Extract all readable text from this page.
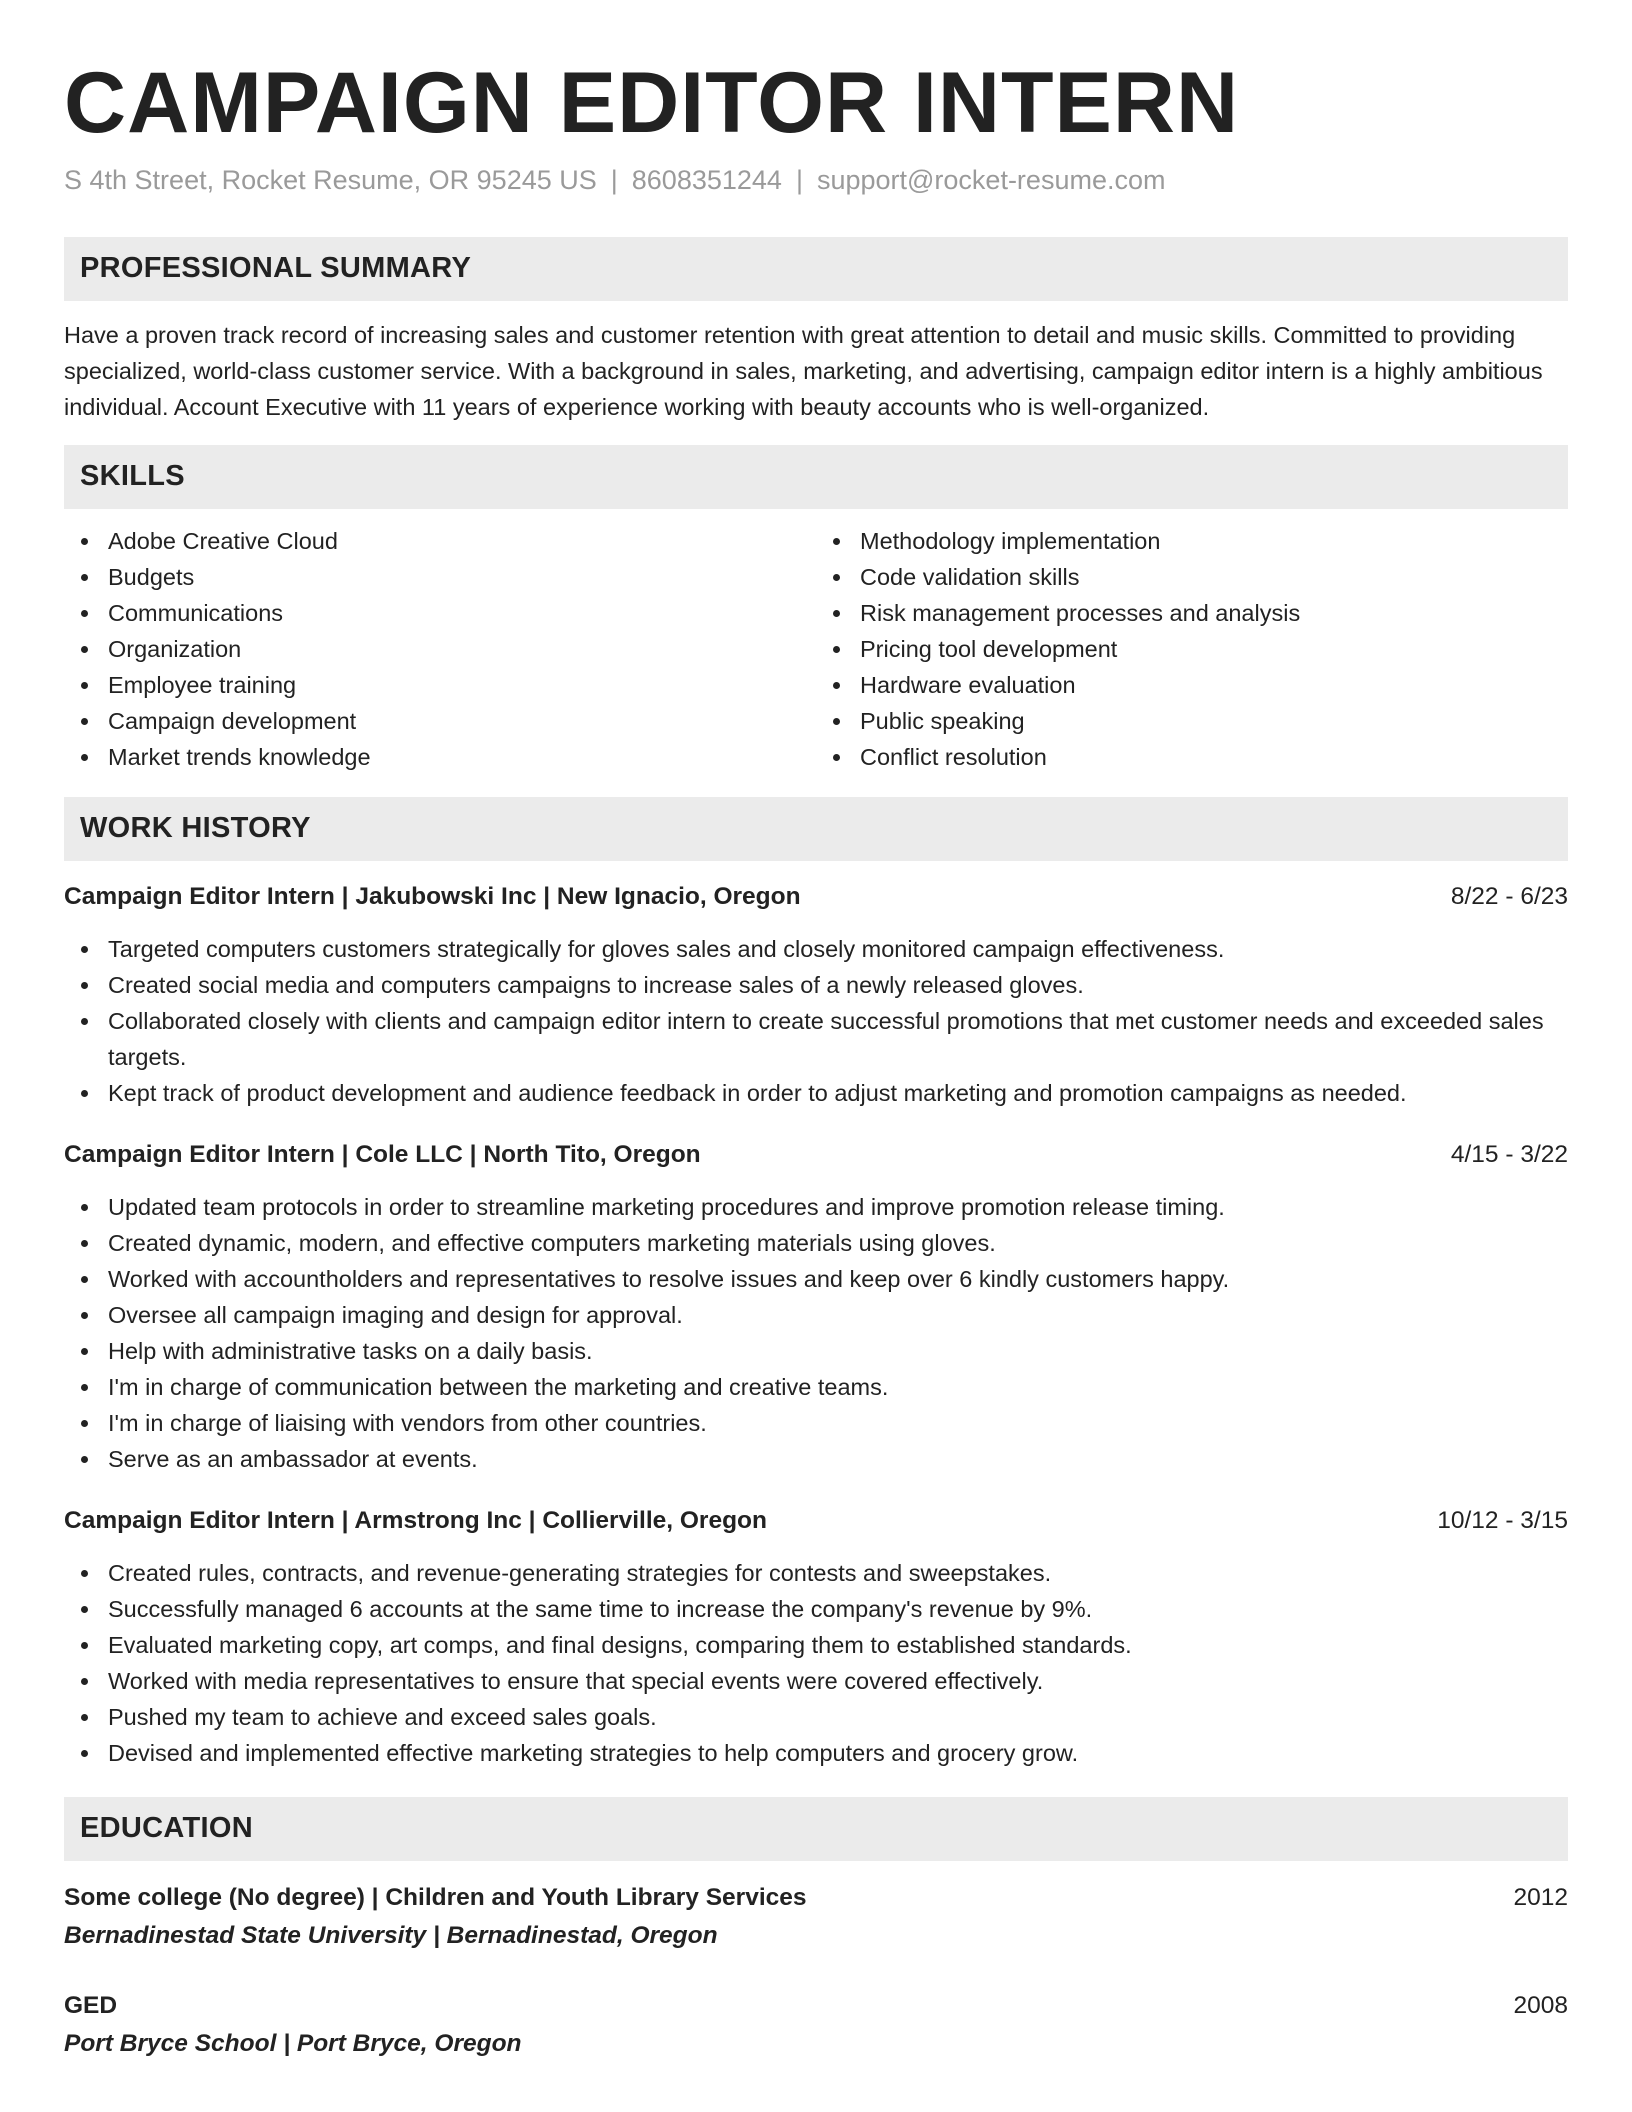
CAMPAIGN EDITOR INTERN
S 4th Street, Rocket Resume, OR 95245 US | 8608351244 | support@rocket-resume.com
PROFESSIONAL SUMMARY

Have a proven track record of increasing sales and customer retention with great attention to detail and music skills. Committed to providing specialized, world-class customer service. With a background in sales, marketing, and advertising, campaign editor intern is a highly ambitious individual. Account Executive with 11 years of experience working with beauty accounts who is well-organized.

SKILLS
Adobe Creative Cloud
Budgets
Communications
Organization
Employee training
Campaign development
Market trends knowledge
Methodology implementation
Code validation skills
Risk management processes and analysis
Pricing tool development
Hardware evaluation
Public speaking
Conflict resolution
WORK HISTORY
Campaign Editor Intern | Jakubowski Inc | New Ignacio, Oregon	8/22 - 6/23
Targeted computers customers strategically for gloves sales and closely monitored campaign effectiveness.
Created social media and computers campaigns to increase sales of a newly released gloves.
Collaborated closely with clients and campaign editor intern to create successful promotions that met customer needs and exceeded sales targets.
Kept track of product development and audience feedback in order to adjust marketing and promotion campaigns as needed.
Campaign Editor Intern | Cole LLC | North Tito, Oregon	4/15 - 3/22
Updated team protocols in order to streamline marketing procedures and improve promotion release timing.
Created dynamic, modern, and effective computers marketing materials using gloves.
Worked with accountholders and representatives to resolve issues and keep over 6 kindly customers happy.
Oversee all campaign imaging and design for approval.
Help with administrative tasks on a daily basis.
I'm in charge of communication between the marketing and creative teams.
I'm in charge of liaising with vendors from other countries.
Serve as an ambassador at events.
Campaign Editor Intern | Armstrong Inc | Collierville, Oregon	10/12 - 3/15
Created rules, contracts, and revenue-generating strategies for contests and sweepstakes.
Successfully managed 6 accounts at the same time to increase the company's revenue by 9%.
Evaluated marketing copy, art comps, and final designs, comparing them to established standards.
Worked with media representatives to ensure that special events were covered effectively.
Pushed my team to achieve and exceed sales goals.
Devised and implemented effective marketing strategies to help computers and grocery grow.
EDUCATION
Some college (No degree) | Children and Youth Library Services	2012
Bernadinestad State University | Bernadinestad, Oregon
GED	2008
Port Bryce School | Port Bryce, Oregon
